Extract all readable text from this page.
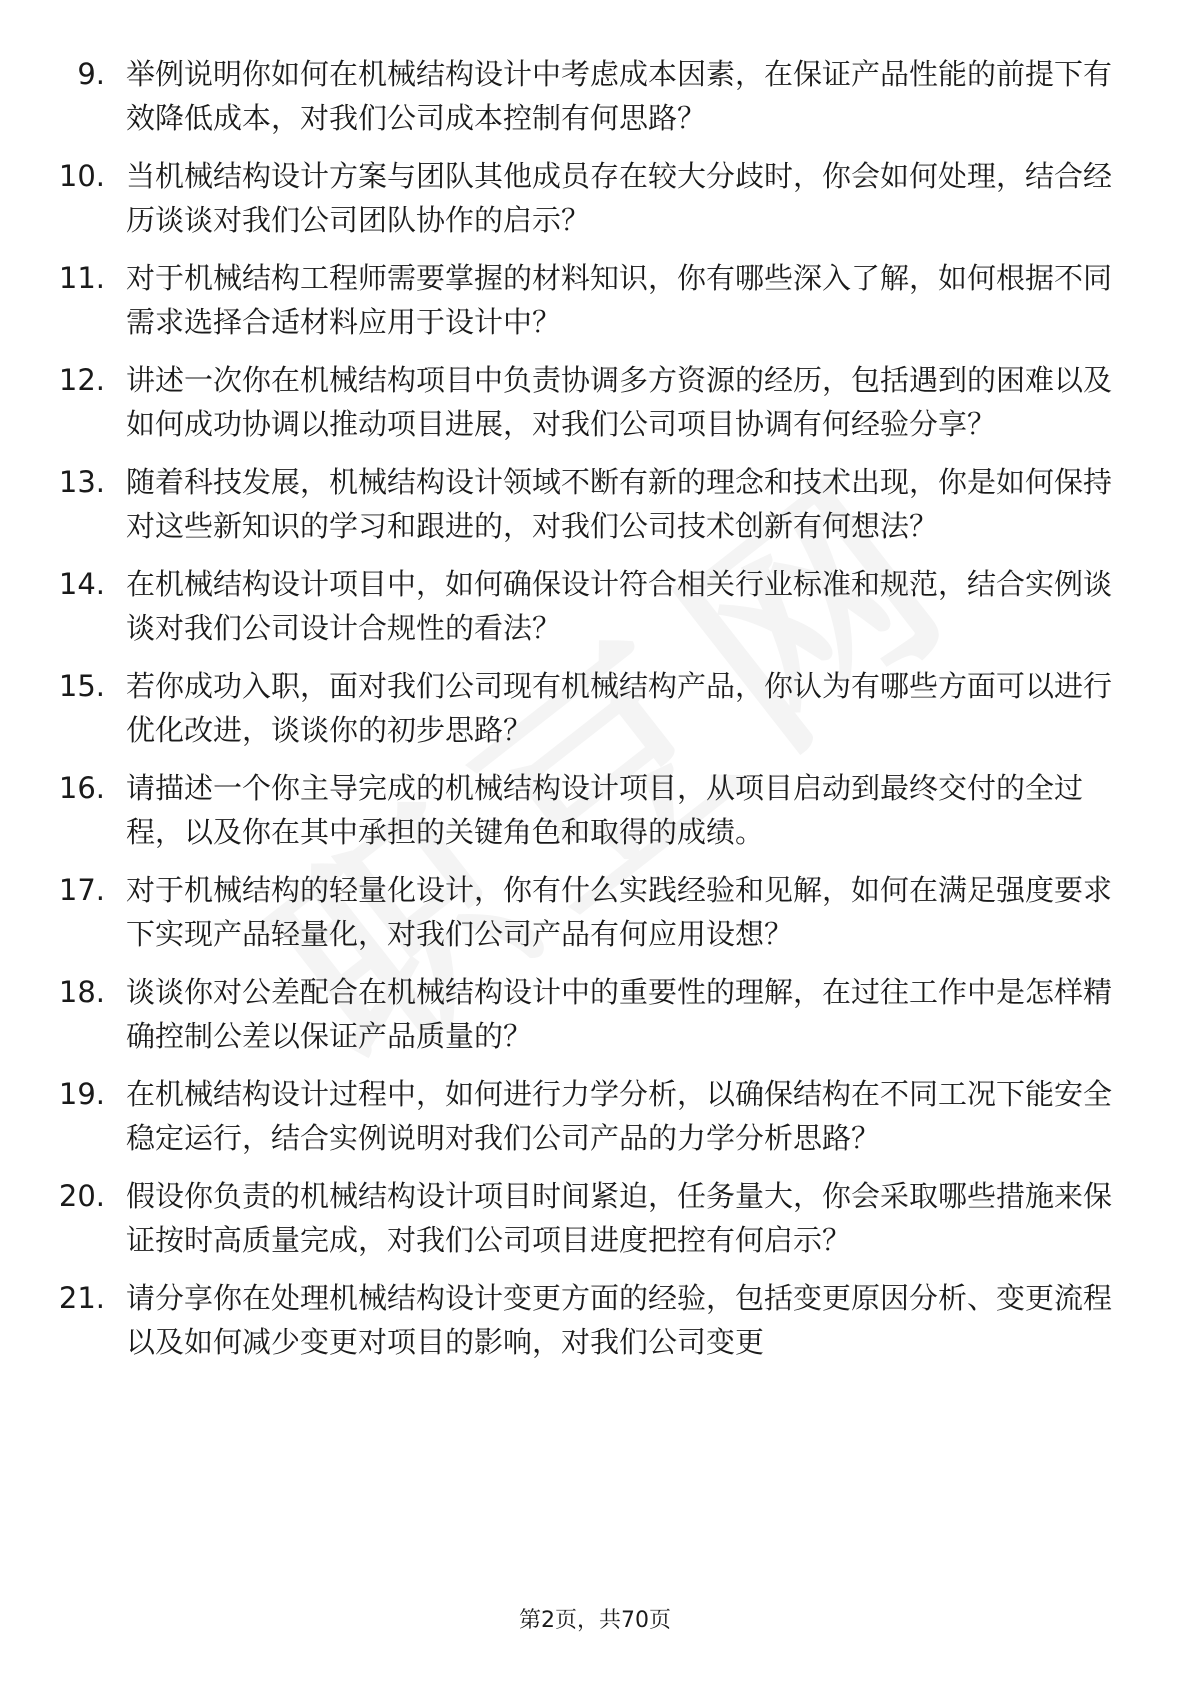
9. 举例说明你如何在机械结构设计中考虑成本因素，在保证产品性能的前提下有效降低成本，对我们公司成本控制有何思路？
10. 当机械结构设计方案与团队其他成员存在较大分歧时，你会如何处理，结合经历谈谈对我们公司团队协作的启示？
11. 对于机械结构工程师需要掌握的材料知识，你有哪些深入了解，如何根据不同需求选择合适材料应用于设计中？
12. 讲述一次你在机械结构项目中负责协调多方资源的经历，包括遇到的困难以及如何成功协调以推动项目进展，对我们公司项目协调有何经验分享？
13. 随着科技发展，机械结构设计领域不断有新的理念和技术出现，你是如何保持对这些新知识的学习和跟进的，对我们公司技术创新有何想法？
14. 在机械结构设计项目中，如何确保设计符合相关行业标准和规范，结合实例谈谈对我们公司设计合规性的看法？
15. 若你成功入职，面对我们公司现有机械结构产品，你认为有哪些方面可以进行优化改进，谈谈你的初步思路？
16. 请描述一个你主导完成的机械结构设计项目，从项目启动到最终交付的全过程，以及你在其中承担的关键角色和取得的成绩。
17. 对于机械结构的轻量化设计，你有什么实践经验和见解，如何在满足强度要求下实现产品轻量化，对我们公司产品有何应用设想？
18. 谈谈你对公差配合在机械结构设计中的重要性的理解，在过往工作中是怎样精确控制公差以保证产品质量的？
19. 在机械结构设计过程中，如何进行力学分析，以确保结构在不同工况下能安全稳定运行，结合实例说明对我们公司产品的力学分析思路？
20. 假设你负责的机械结构设计项目时间紧迫，任务量大，你会采取哪些措施来保证按时高质量完成，对我们公司项目进度把控有何启示？
21. 请分享你在处理机械结构设计变更方面的经验，包括变更原因分析、变更流程以及如何减少变更对项目的影响，对我们公司变更
第2页，共70页
